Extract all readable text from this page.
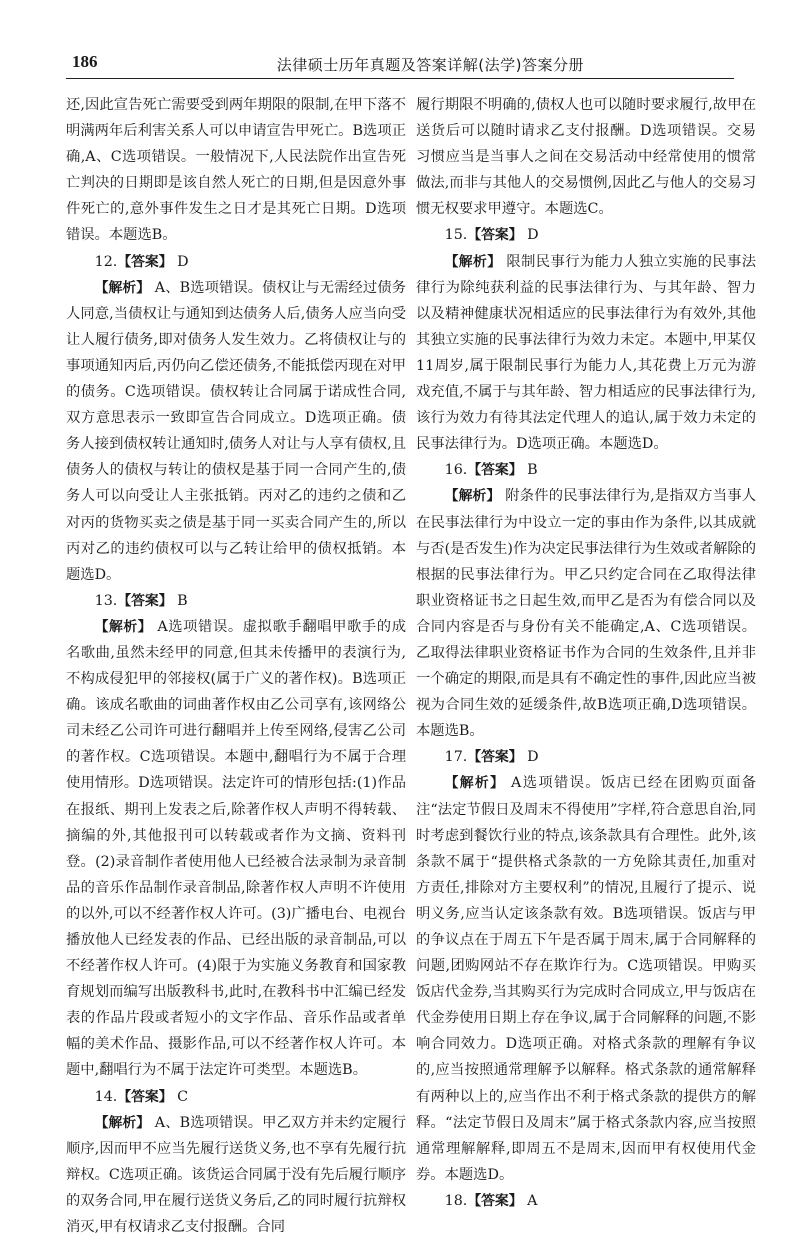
186	法律硕士历年真题及答案详解(法学)答案分册

还,因此宣告死亡需要受到两年期限的限制,在甲下落不明满两年后利害关系人可以申请宣告甲死亡。B选项正确,A、C选项错误。一般情况下,人民法院作出宣告死亡判决的日期即是该自然人死亡的日期,但是因意外事件死亡的,意外事件发生之日才是其死亡日期。D选项错误。本题选B。

12.【答案】 D

【解析】 A、B选项错误。债权让与无需经过债务人同意,当债权让与通知到达债务人后,债务人应当向受让人履行债务,即对债务人发生效力。乙将债权让与的事项通知丙后,丙仍向乙偿还债务,不能抵偿丙现在对甲的债务。C选项错误。债权转让合同属于诺成性合同,双方意思表示一致即宣告合同成立。D选项正确。债务人接到债权转让通知时,债务人对让与人享有债权,且债务人的债权与转让的债权是基于同一合同产生的,债务人可以向受让人主张抵销。丙对乙的违约之债和乙对丙的货物买卖之债是基于同一买卖合同产生的,所以丙对乙的违约债权可以与乙转让给甲的债权抵销。本题选D。

13.【答案】 B

【解析】 A选项错误。虚拟歌手翻唱甲歌手的成名歌曲,虽然未经甲的同意,但其未传播甲的表演行为,不构成侵犯甲的邻接权(属于广义的著作权)。B选项正确。该成名歌曲的词曲著作权由乙公司享有,该网络公司未经乙公司许可进行翻唱并上传至网络,侵害乙公司的著作权。C选项错误。本题中,翻唱行为不属于合理使用情形。D选项错误。法定许可的情形包括:(1)作品在报纸、期刊上发表之后,除著作权人声明不得转载、摘编的外,其他报刊可以转载或者作为文摘、资料刊登。(2)录音制作者使用他人已经被合法录制为录音制品的音乐作品制作录音制品,除著作权人声明不许使用的以外,可以不经著作权人许可。(3)广播电台、电视台播放他人已经发表的作品、已经出版的录音制品,可以不经著作权人许可。(4)限于为实施义务教育和国家教育规划而编写出版教科书,此时,在教科书中汇编已经发表的作品片段或者短小的文字作品、音乐作品或者单幅的美术作品、摄影作品,可以不经著作权人许可。本题中,翻唱行为不属于法定许可类型。本题选B。

14.【答案】 C

【解析】 A、B选项错误。甲乙双方并未约定履行顺序,因而甲不应当先履行送货义务,也不享有先履行抗辩权。C选项正确。该货运合同属于没有先后履行顺序的双务合同,甲在履行送货义务后,乙的同时履行抗辩权消灭,甲有权请求乙支付报酬。合同

履行期限不明确的,债权人也可以随时要求履行,故甲在送货后可以随时请求乙支付报酬。D选项错误。交易习惯应当是当事人之间在交易活动中经常使用的惯常做法,而非与其他人的交易惯例,因此乙与他人的交易习惯无权要求甲遵守。本题选C。

15.【答案】 D

【解析】 限制民事行为能力人独立实施的民事法律行为除纯获利益的民事法律行为、与其年龄、智力以及精神健康状况相适应的民事法律行为有效外,其他其独立实施的民事法律行为效力未定。本题中,甲某仅11周岁,属于限制民事行为能力人,其花费上万元为游戏充值,不属于与其年龄、智力相适应的民事法律行为,该行为效力有待其法定代理人的追认,属于效力未定的民事法律行为。D选项正确。本题选D。

16.【答案】 B

【解析】 附条件的民事法律行为,是指双方当事人在民事法律行为中设立一定的事由作为条件,以其成就与否(是否发生)作为决定民事法律行为生效或者解除的根据的民事法律行为。甲乙只约定合同在乙取得法律职业资格证书之日起生效,而甲乙是否为有偿合同以及合同内容是否与身份有关不能确定,A、C选项错误。乙取得法律职业资格证书作为合同的生效条件,且并非一个确定的期限,而是具有不确定性的事件,因此应当被视为合同生效的延缓条件,故B选项正确,D选项错误。本题选B。

17.【答案】 D

【解析】 A选项错误。饭店已经在团购页面备注“法定节假日及周末不得使用”字样,符合意思自治,同时考虑到餐饮行业的特点,该条款具有合理性。此外,该条款不属于“提供格式条款的一方免除其责任,加重对方责任,排除对方主要权利”的情况,且履行了提示、说明义务,应当认定该条款有效。B选项错误。饭店与甲的争议点在于周五下午是否属于周末,属于合同解释的问题,团购网站不存在欺诈行为。C选项错误。甲购买饭店代金券,当其购买行为完成时合同成立,甲与饭店在代金券使用日期上存在争议,属于合同解释的问题,不影响合同效力。D选项正确。对格式条款的理解有争议的,应当按照通常理解予以解释。格式条款的通常解释有两种以上的,应当作出不利于格式条款的提供方的解释。“法定节假日及周末”属于格式条款内容,应当按照通常理解解释,即周五不是周末,因而甲有权使用代金券。本题选D。

18.【答案】 A
